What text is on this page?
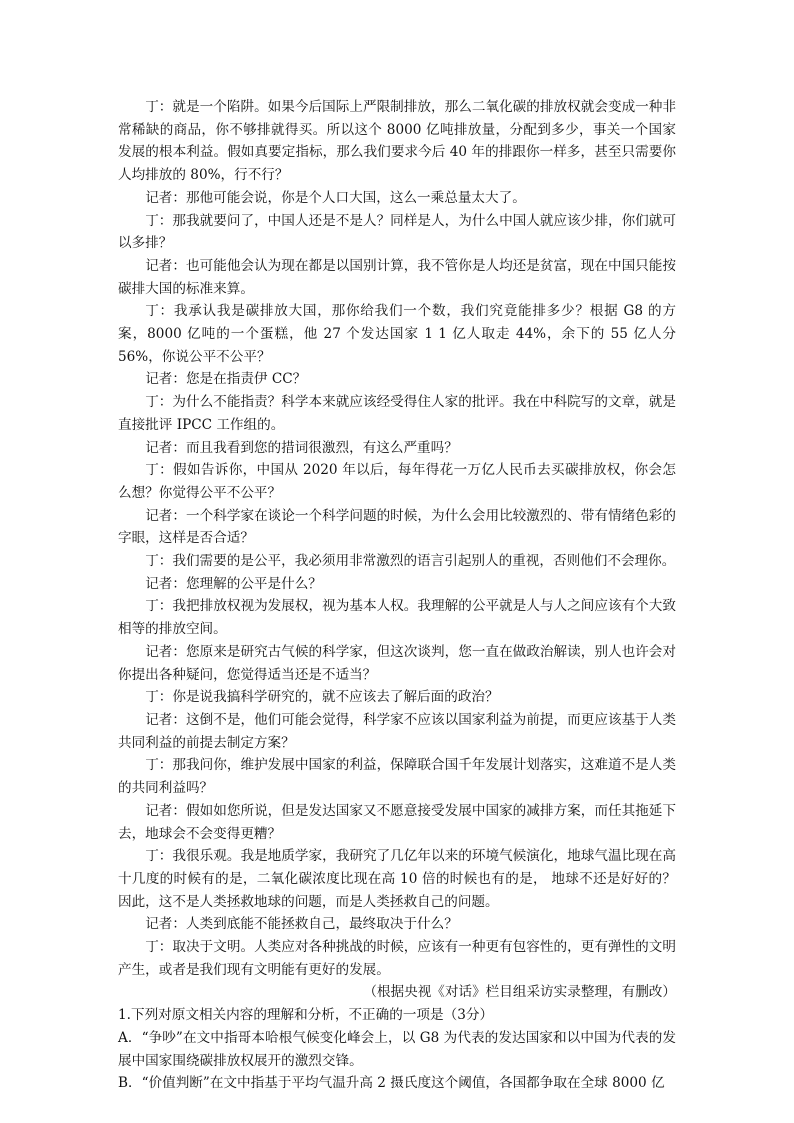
丁：就是一个陷阱。如果今后国际上严限制排放，那么二氧化碳的排放权就会变成一种非常稀缺的商品，你不够排就得买。所以这个 8000 亿吨排放量，分配到多少，事关一个国家发展的根本利益。假如真要定指标，那么我们要求今后 40 年的排跟你一样多，甚至只需要你人均排放的 80%，行不行？

记者：那他可能会说，你是个人口大国，这么一乘总量太大了。

丁：那我就要问了，中国人还是不是人？同样是人，为什么中国人就应该少排，你们就可以多排？

记者：也可能他会认为现在都是以国别计算，我不管你是人均还是贫富，现在中国只能按碳排大国的标准来算。

丁：我承认我是碳排放大国，那你给我们一个数，我们究竟能排多少？根据 G8 的方案，8000 亿吨的一个蛋糕，他 27 个发达国家 1 1 亿人取走 44%，余下的 55 亿人分 56%，你说公平不公平？

记者：您是在指责伊 CC？

丁：为什么不能指责？科学本来就应该经受得住人家的批评。我在中科院写的文章，就是直接批评 IPCC 工作组的。

记者：而且我看到您的措词很激烈，有这么严重吗？

丁：假如告诉你，中国从 2020 年以后，每年得花一万亿人民币去买碳排放权，你会怎么想？你觉得公平不公平？

记者：一个科学家在谈论一个科学问题的时候，为什么会用比较激烈的、带有情绪色彩的字眼，这样是否合适？

丁：我们需要的是公平，我必须用非常激烈的语言引起别人的重视，否则他们不会理你。

记者：您理解的公平是什么？

丁：我把排放权视为发展权，视为基本人权。我理解的公平就是人与人之间应该有个大致相等的排放空间。

记者：您原来是研究古气候的科学家，但这次谈判，您一直在做政治解读，别人也许会对你提出各种疑问，您觉得适当还是不适当？

丁：你是说我搞科学研究的，就不应该去了解后面的政治？

记者：这倒不是，他们可能会觉得，科学家不应该以国家利益为前提，而更应该基于人类共同利益的前提去制定方案？

丁：那我问你，维护发展中国家的利益，保障联合国千年发展计划落实，这难道不是人类的共同利益吗？

记者：假如如您所说，但是发达国家又不愿意接受发展中国家的减排方案，而任其拖延下去，地球会不会变得更糟？

丁：我很乐观。我是地质学家，我研究了几亿年以来的环境气候演化，地球气温比现在高十几度的时候有的是，二氧化碳浓度比现在高 10 倍的时候也有的是， 地球不还是好好的？因此，这不是人类拯救地球的问题，而是人类拯救自己的问题。

记者：人类到底能不能拯救自己，最终取决于什么？

丁：取决于文明。人类应对各种挑战的时候，应该有一种更有包容性的，更有弹性的文明产生，或者是我们现有文明能有更好的发展。

（根据央视《对话》栏目组采访实录整理，有删改）

1.下列对原文相关内容的理解和分析，不正确的一项是（3分）

A．“争吵”在文中指哥本哈根气候变化峰会上，以 G8 为代表的发达国家和以中国为代表的发展中国家围绕碳排放权展开的激烈交锋。

B．“价值判断”在文中指基于平均气温升高 2 摄氏度这个阈值，各国都争取在全球 8000 亿
